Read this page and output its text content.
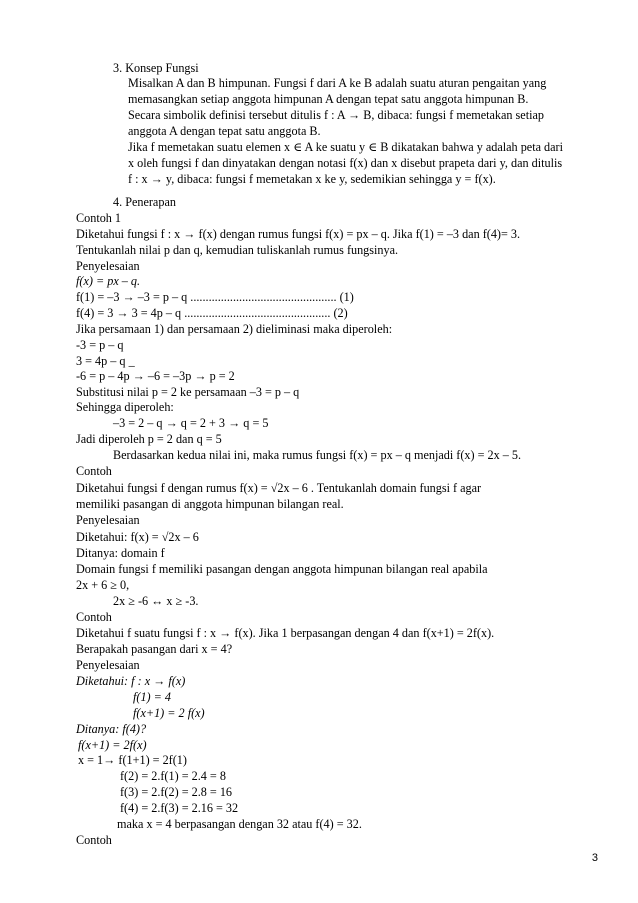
3
3. Konsep Fungsi
Misalkan A dan B himpunan. Fungsi f dari A ke B adalah suatu aturan pengaitan yang
memasangkan setiap anggota himpunan A dengan tepat satu anggota himpunan B.
Secara simbolik definisi tersebut ditulis f : A → B, dibaca: fungsi f memetakan setiap
anggota A dengan tepat satu anggota B.
Jika f memetakan suatu elemen x ∈ A ke suatu y ∈ B dikatakan bahwa y adalah peta dari
x oleh fungsi f dan dinyatakan dengan notasi f(x) dan x disebut prapeta dari y, dan ditulis
f : x → y, dibaca: fungsi f memetakan x ke y, sedemikian sehingga y = f(x).
4. Penerapan
Contoh 1
Diketahui fungsi f : x → f(x) dengan rumus fungsi f(x) = px – q. Jika f(1) = –3 dan f(4)= 3.
Tentukanlah nilai p dan q, kemudian tuliskanlah rumus fungsinya.
Penyelesaian
f(x) = px – q.
f(1) = –3 → –3 = p – q ................................................ (1)
f(4) = 3 → 3 = 4p – q ................................................ (2)
Jika persamaan 1) dan persamaan 2) dieliminasi maka diperoleh:
-3 = p – q
3 = 4p – q _
-6 = p – 4p → –6 = –3p → p = 2
Substitusi nilai p = 2 ke persamaan –3 = p – q
Sehingga diperoleh:
–3 = 2 – q → q = 2 + 3 → q = 5
Jadi diperoleh p = 2 dan q = 5
Berdasarkan kedua nilai ini, maka rumus fungsi f(x) = px – q menjadi f(x) = 2x – 5.
Contoh
Diketahui fungsi f dengan rumus f(x) = √2x – 6 . Tentukanlah domain fungsi f agar
memiliki pasangan di anggota himpunan bilangan real.
Penyelesaian
Diketahui: f(x) = √2x – 6
Ditanya: domain f
Domain fungsi f memiliki pasangan dengan anggota himpunan bilangan real apabila
2x + 6 ≥ 0,
2x ≥ -6 ↔ x ≥ -3.
Contoh
Diketahui f suatu fungsi f : x → f(x). Jika 1 berpasangan dengan 4 dan f(x+1) = 2f(x).
Berapakah pasangan dari x = 4?
Penyelesaian
Diketahui: f : x → f(x)
f(1) = 4
f(x+1) = 2 f(x)
Ditanya: f(4)?
f(x+1) = 2f(x)
x = 1→ f(1+1) = 2f(1)
f(2) = 2.f(1) = 2.4 = 8
f(3) = 2.f(2) = 2.8 = 16
f(4) = 2.f(3) = 2.16 = 32
maka x = 4 berpasangan dengan 32 atau f(4) = 32.
Contoh
